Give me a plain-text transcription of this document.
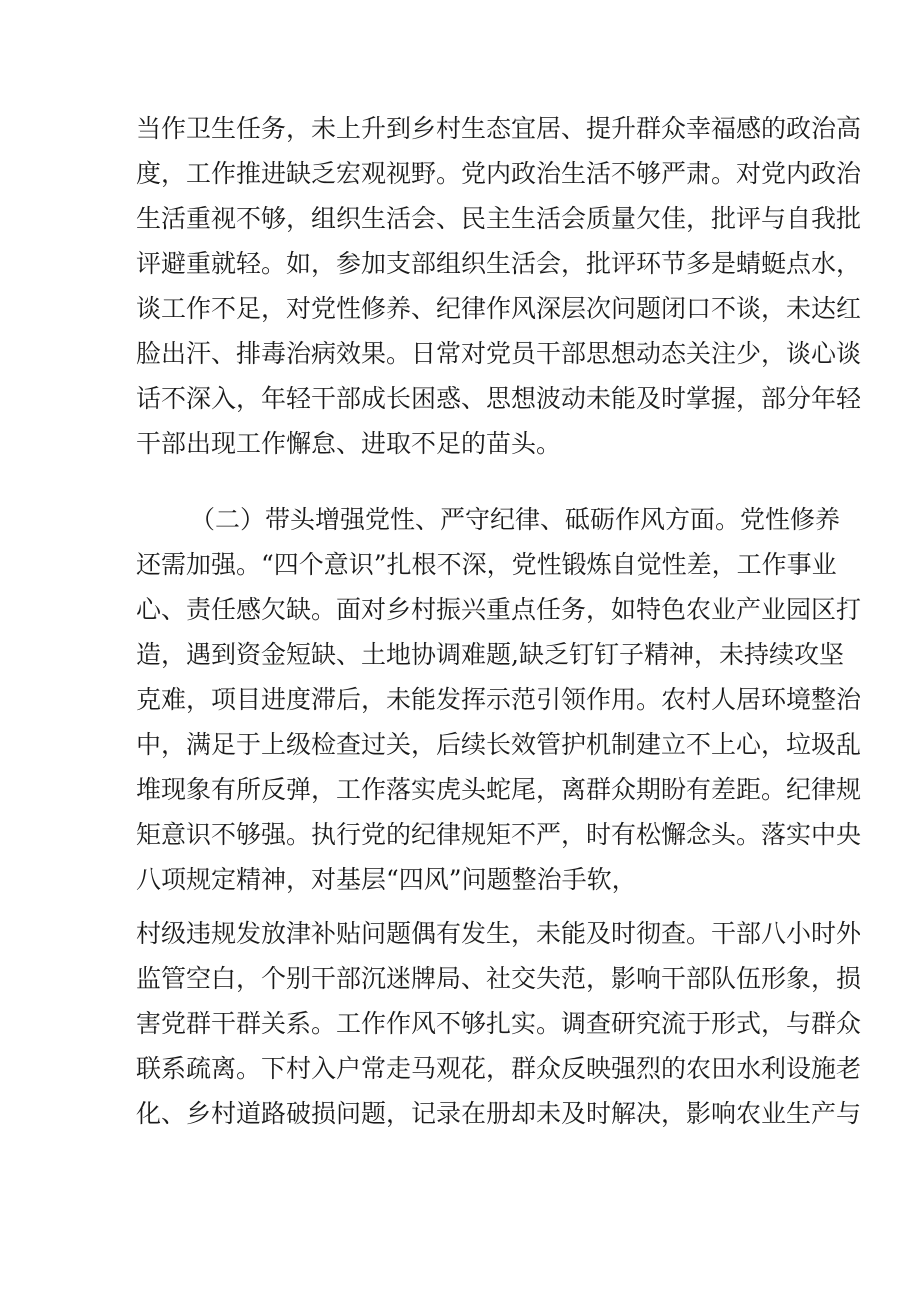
当作卫生任务，未上升到乡村生态宜居、提升群众幸福感的政治高
度，工作推进缺乏宏观视野。党内政治生活不够严肃。对党内政治
生活重视不够，组织生活会、民主生活会质量欠佳，批评与自我批
评避重就轻。如，参加支部组织生活会，批评环节多是蜻蜓点水，
谈工作不足，对党性修养、纪律作风深层次问题闭口不谈，未达红
脸出汗、排毒治病效果。日常对党员干部思想动态关注少，谈心谈
话不深入，年轻干部成长困惑、思想波动未能及时掌握，部分年轻
干部出现工作懈怠、进取不足的苗头。
（二）带头增强党性、严守纪律、砥砺作风方面。党性修养
还需加强。“四个意识”扎根不深，党性锻炼自觉性差，工作事业
心、责任感欠缺。面对乡村振兴重点任务，如特色农业产业园区打
造，遇到资金短缺、土地协调难题,缺乏钉钉子精神，未持续攻坚
克难，项目进度滞后，未能发挥示范引领作用。农村人居环境整治
中，满足于上级检查过关，后续长效管护机制建立不上心，垃圾乱
堆现象有所反弹，工作落实虎头蛇尾，离群众期盼有差距。纪律规
矩意识不够强。执行党的纪律规矩不严，时有松懈念头。落实中央
八项规定精神，对基层“四风”问题整治手软，
村级违规发放津补贴问题偶有发生，未能及时彻查。干部八小时外
监管空白，个别干部沉迷牌局、社交失范，影响干部队伍形象，损
害党群干群关系。工作作风不够扎实。调查研究流于形式，与群众
联系疏离。下村入户常走马观花，群众反映强烈的农田水利设施老
化、乡村道路破损问题，记录在册却未及时解决，影响农业生产与
